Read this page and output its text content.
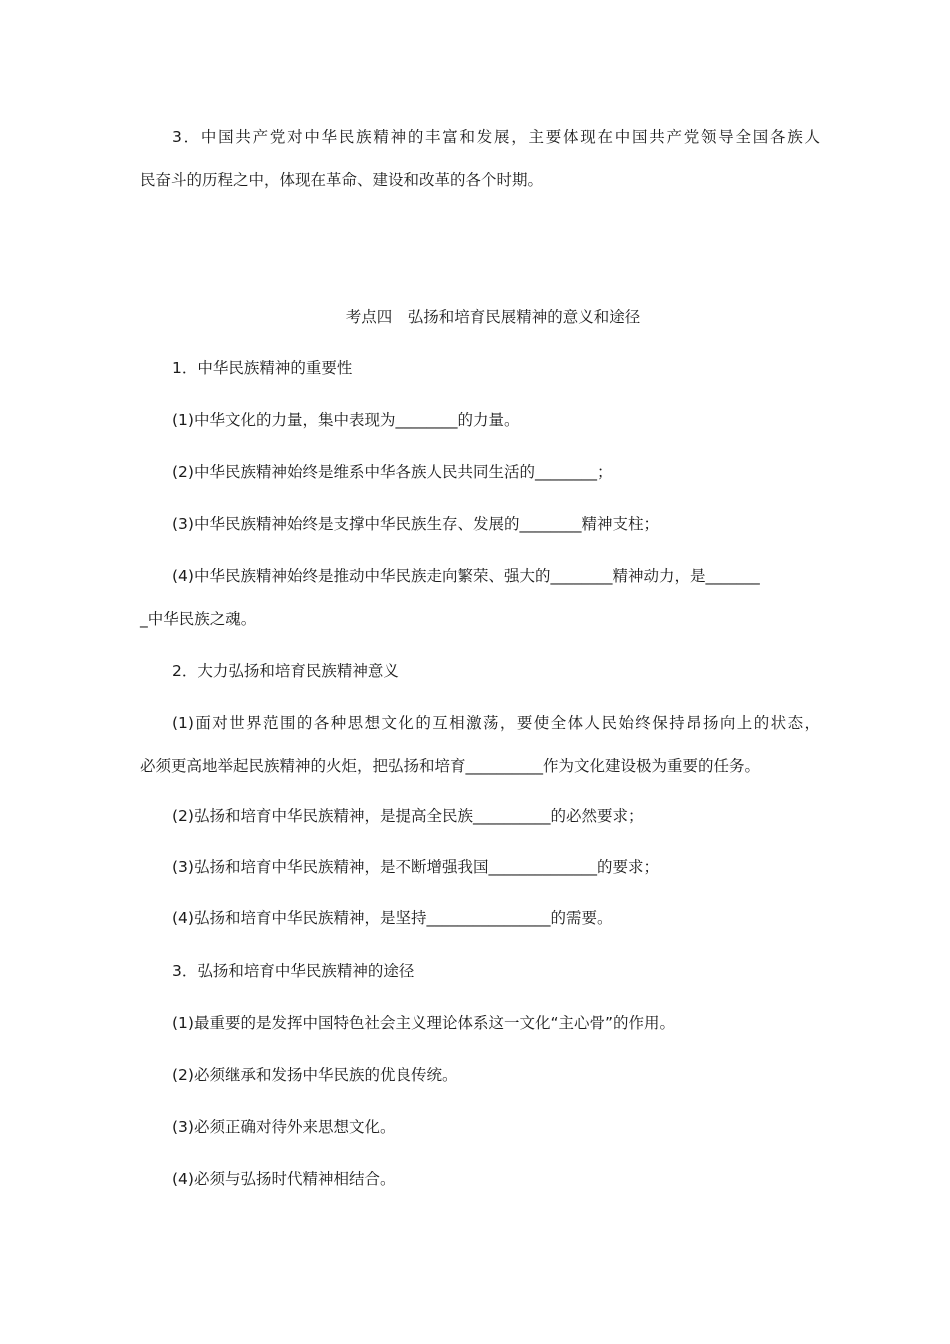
3．中国共产党对中华民族精神的丰富和发展，主要体现在中国共产党领导全国各族人
民奋斗的历程之中，体现在革命、建设和改革的各个时期。
考点四　弘扬和培育民展精神的意义和途径
1．中华民族精神的重要性
(1)中华文化的力量，集中表现为________的力量。
(2)中华民族精神始终是维系中华各族人民共同生活的________；
(3)中华民族精神始终是支撑中华民族生存、发展的________精神支柱；
(4)中华民族精神始终是推动中华民族走向繁荣、强大的________精神动力，是_______
_中华民族之魂。
2．大力弘扬和培育民族精神意义
(1)面对世界范围的各种思想文化的互相激荡，要使全体人民始终保持昂扬向上的状态，
必须更高地举起民族精神的火炬，把弘扬和培育__________作为文化建设极为重要的任务。
(2)弘扬和培育中华民族精神，是提高全民族__________的必然要求；
(3)弘扬和培育中华民族精神，是不断增强我国______________的要求；
(4)弘扬和培育中华民族精神，是坚持________________的需要。
3．弘扬和培育中华民族精神的途径
(1)最重要的是发挥中国特色社会主义理论体系这一文化“主心骨”的作用。
(2)必须继承和发扬中华民族的优良传统。
(3)必须正确对待外来思想文化。
(4)必须与弘扬时代精神相结合。
